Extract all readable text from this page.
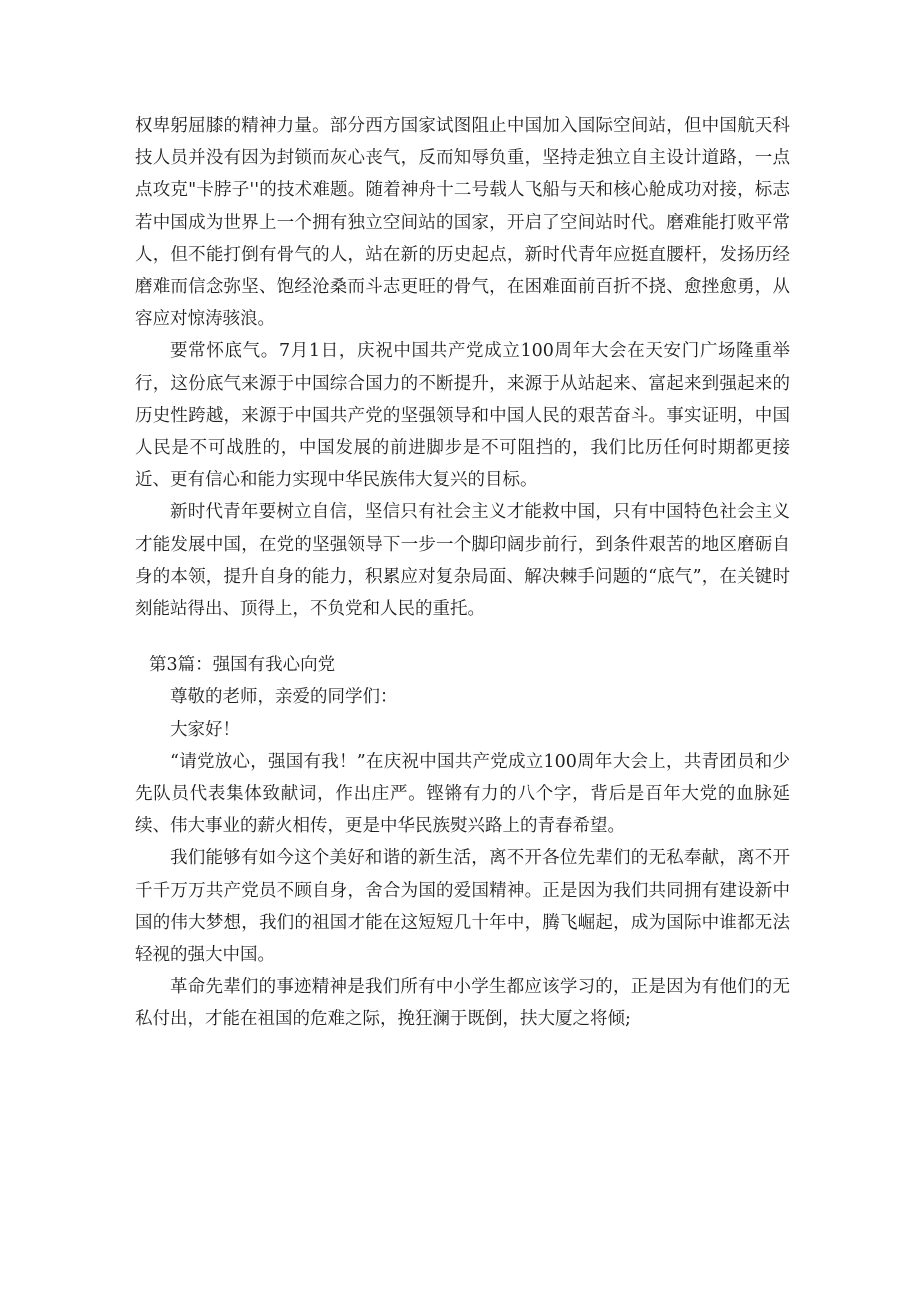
权卑躬屈膝的精神力量。部分西方国家试图阻止中国加入国际空间站，但中国航天科技人员并没有因为封锁而灰心丧气，反而知辱负重，坚持走独立自主设计道路，一点点攻克"卡脖子''的技术难题。随着神舟十二号载人飞船与天和核心舱成功对接，标志若中国成为世界上一个拥有独立空间站的国家，开启了空间站时代。磨难能打败平常人，但不能打倒有骨气的人，站在新的历史起点，新时代青年应挺直腰杆，发扬历经磨难而信念弥坚、饱经沧桑而斗志更旺的骨气，在困难面前百折不挠、愈挫愈勇，从容应对惊涛骇浪。

要常怀底气。7月1日，庆祝中国共产党成立100周年大会在天安门广场隆重举行，这份底气来源于中国综合国力的不断提升，来源于从站起来、富起来到强起来的历史性跨越，来源于中国共产党的坚强领导和中国人民的艰苦奋斗。事实证明，中国人民是不可战胜的，中国发展的前进脚步是不可阻挡的，我们比历任何时期都更接近、更有信心和能力实现中华民族伟大复兴的目标。

新时代青年要树立自信，坚信只有社会主义才能救中国，只有中国特色社会主义才能发展中国，在党的坚强领导下一步一个脚印阔步前行，到条件艰苦的地区磨砺自身的本领，提升自身的能力，积累应对复杂局面、解决棘手问题的“底气”，在关键时刻能站得出、顶得上，不负党和人民的重托。

第3篇：强国有我心向党

尊敬的老师，亲爱的同学们：

大家好！

“请党放心，强国有我！”在庆祝中国共产党成立100周年大会上，共青团员和少先队员代表集体致献词，作出庄严。铿锵有力的八个字，背后是百年大党的血脉延续、伟大事业的薪火相传，更是中华民族熨兴路上的青春希望。

我们能够有如今这个美好和谐的新生活，离不开各位先辈们的无私奉献，离不开千千万万共产党员不顾自身，舍合为国的爱国精神。正是因为我们共同拥有建设新中国的伟大梦想，我们的祖国才能在这短短几十年中，腾飞崛起，成为国际中谁都无法轻视的强大中国。

革命先辈们的事迹精神是我们所有中小学生都应该学习的，正是因为有他们的无私付出，才能在祖国的危难之际，挽狂澜于既倒，扶大厦之将倾;
